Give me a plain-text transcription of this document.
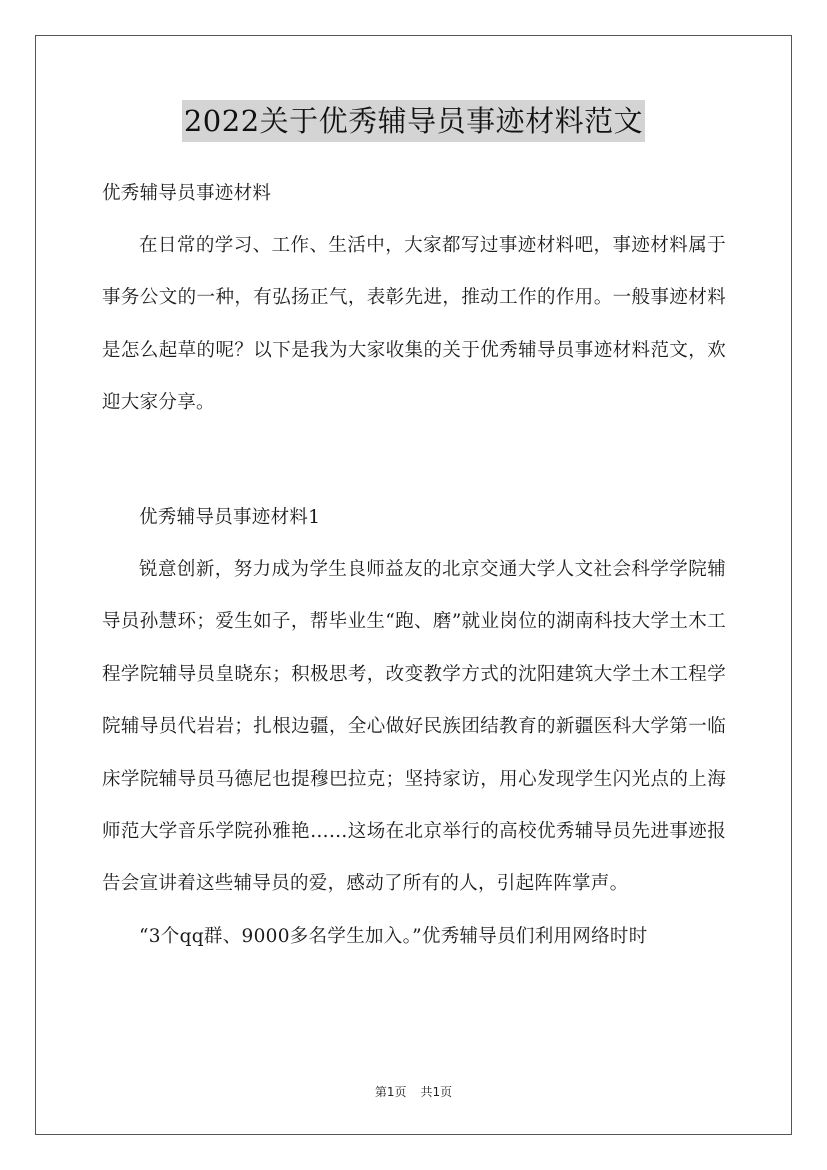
2022关于优秀辅导员事迹材料范文
优秀辅导员事迹材料
在日常的学习、工作、生活中，大家都写过事迹材料吧，事迹材料属于事务公文的一种，有弘扬正气，表彰先进，推动工作的作用。一般事迹材料是怎么起草的呢？以下是我为大家收集的关于优秀辅导员事迹材料范文，欢迎大家分享。
优秀辅导员事迹材料1

锐意创新，努力成为学生良师益友的北京交通大学人文社会科学学院辅导员孙慧环；爱生如子，帮毕业生“跑、磨”就业岗位的湖南科技大学土木工程学院辅导员皇晓东；积极思考，改变教学方式的沈阳建筑大学土木工程学院辅导员代岩岩；扎根边疆，全心做好民族团结教育的新疆医科大学第一临床学院辅导员马德尼也提穆巴拉克；坚持家访，用心发现学生闪光点的上海师范大学音乐学院孙雅艳……这场在北京举行的高校优秀辅导员先进事迹报告会宣讲着这些辅导员的爱，感动了所有的人，引起阵阵掌声。

“3个qq群、9000多名学生加入。”优秀辅导员们利用网络时时

第1页 共1页
